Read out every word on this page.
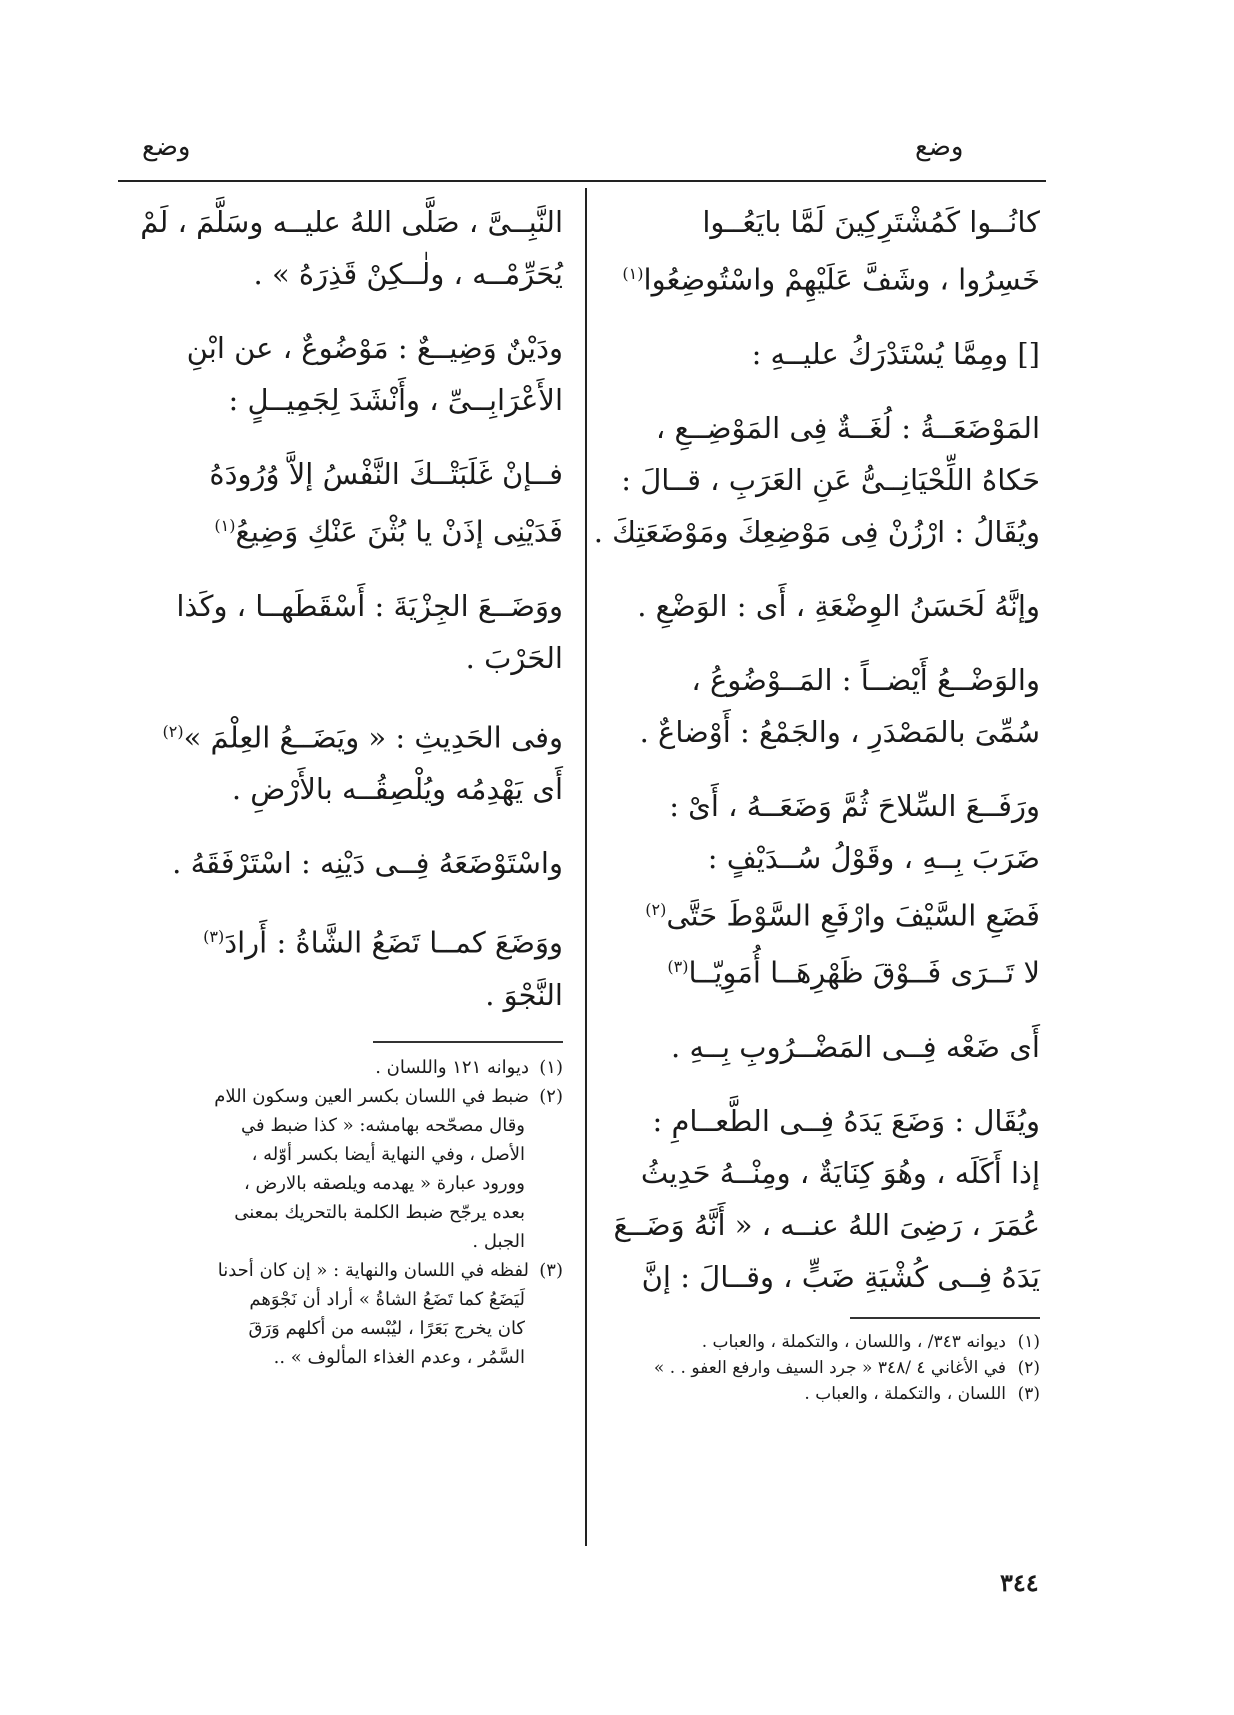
وضع
وضع
كانُــوا كَمُشْتَرِكِينَ لَمَّا بايَعُــوا
خَسِرُوا ، وشَفَّ عَلَيْهِمْ واسْتُوضِعُوا$^{(١)}$
[] ومِمَّا يُسْتَدْرَكُ عليــهِ :
المَوْضَعَــةُ : لُغَــةٌ فِى المَوْضِــعِ ،
حَكاهُ اللِّحْيَانِــىُّ عَنِ العَرَبِ ، قــالَ :
ويُقَالُ : ارْزُنْ فِى مَوْضِعِكَ ومَوْضَعَتِكَ .
وإنَّهُ لَحَسَنُ الوِضْعَةِ ، أَى : الوَضْعِ .
والوَضْــعُ أَيْضــاً : المَــوْضُوعُ ،
سُمِّىَ بالمَصْدَرِ ، والجَمْعُ : أَوْضاعٌ .
ورَفَــعَ السِّلاحَ ثُمَّ وَضَعَــهُ ، أَىْ :
ضَرَبَ بِــهِ ، وقَوْلُ سُــدَيْفٍ :
فَضَعِ السَّيْفَ وارْفَعِ السَّوْطَ حَتَّى$^{(٢)}$
لا تَــرَى فَــوْقَ ظَهْرِهَــا أُمَوِيّــا$^{(٣)}$
أَى ضَعْه فِــى المَضْــرُوبِ بِــهِ .
ويُقَال : وَضَعَ يَدَهُ فِــى الطَّعــامِ :
إذا أَكَلَه ، وهُوَ كِنَايَةٌ ، ومِنْــهُ حَدِيثُ
عُمَرَ ، رَضِىَ اللهُ عنــه ، « أَنَّهُ وَضَــعَ
يَدَهُ فِــى كُشْيَةِ ضَبٍّ ، وقــالَ : إنَّ
(١)ديوانه ٣٤٣/ ، واللسان ، والتكملة ، والعباب .
(٢)في الأغاني ٤ /٣٤٨ « جرد السيف وارفع العفو . . »
(٣)اللسان ، والتكملة ، والعباب .
النَّبِــىَّ ، صَلَّى اللهُ عليــه وسَلَّمَ ، لَمْ
يُحَرِّمْــه ، ولٰــكِنْ قَذِرَهُ » .
ودَيْنٌ وَضِيــعٌ : مَوْضُوعٌ ، عن ابْنِ
الأَعْرَابِــىِّ ، وأَنْشَدَ لِجَمِيــلٍ :
فــإنْ غَلَبَتْــكَ النَّفْسُ إلاَّ وُرُودَهُ
فَدَيْنِى إذَنْ يا بُثْنَ عَنْكِ وَضِيعُ$^{(١)}$
ووَضَــعَ الجِزْيَةَ : أَسْقَطَهــا ، وكَذا
الحَرْبَ .
وفى الحَدِيثِ : « ويَضَــعُ العِلْمَ »$^{(٢)}$
أَى يَهْدِمُه ويُلْصِقُــه بالأَرْضِ .
واسْتَوْضَعَهُ فِــى دَيْنِه : اسْتَرْفَقَهُ .
ووَضَعَ كمــا تَضَعُ الشَّاةُ : أَرادَ$^{(٣)}$
النَّجْوَ .
(١)ديوانه ١٢١ واللسان .
(٢)ضبط في اللسان بكسر العين وسكون اللام
وقال مصحّحه بهامشه: « كذا ضبط في
الأصل ، وفي النهاية أيضا بكسر أوّله ،
وورود عبارة « يهدمه ويلصقه بالارض ،
بعده يرجّح ضبط الكلمة بالتحريك بمعنى
الجبل .
(٣)لفظه في اللسان والنهاية : « إن كان أحدنا
لَيَضَعُ كما تَضَعُ الشاةُ » أراد أن نَجْوَهم
كان يخرج بَعَرًا ، ليُبْسه من أكلهم وَرَقَ
السَّمُر ، وعدم الغذاء المألوف » ..
٣٤٤
